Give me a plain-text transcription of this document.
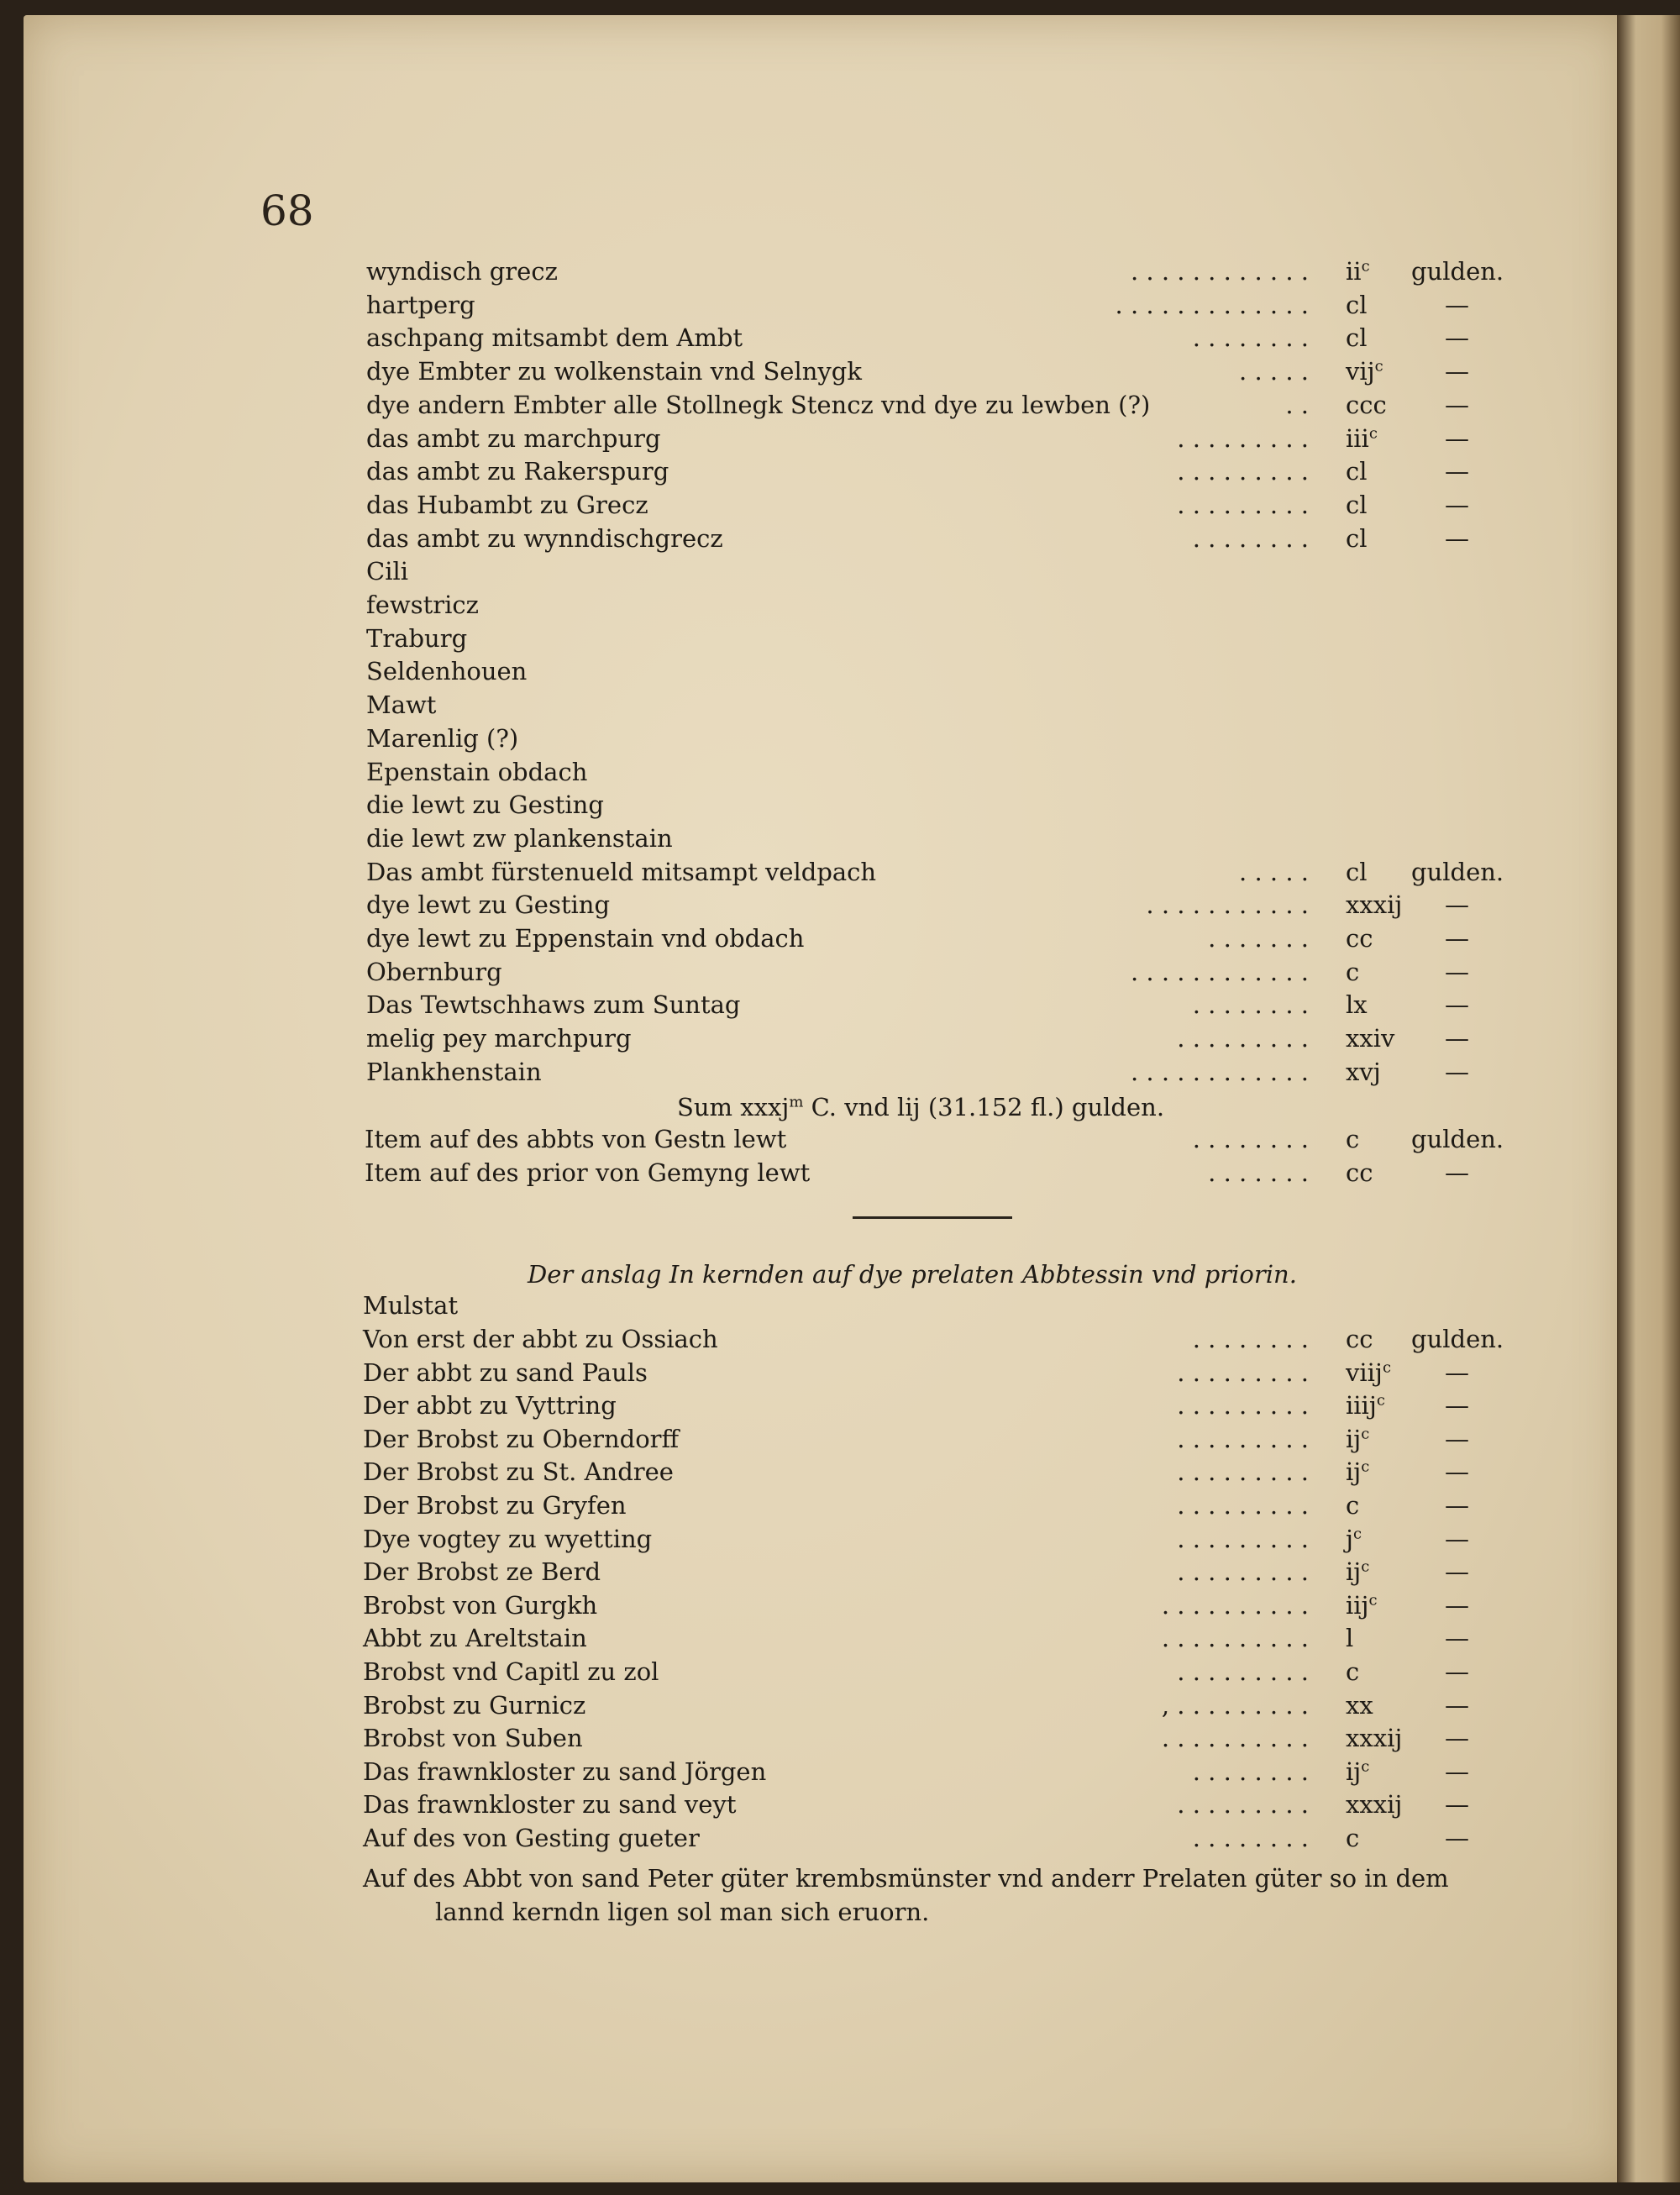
68
wyndisch grecz	. . . . . . . . . . . . $ii^c$ gulden.
hartperg	. . . . . . . . . . . . . cl	—
aschpang mitsambt dem Ambt	. . . . . . . . cl	—
dye Embter zu wolkenstain vnd Selnygk	. . . . . vij$^c$	—
dye andern Embter alle Stollnegk Stencz vnd dye zu lewben (?)	. . ccc —
das ambt zu marchpurg	. . . . . . . . . iii$^c$	—
das ambt zu Rakerspurg	. . . . . . . . . cl	—
das Hubambt zu Grecz	. . . . . . . . . cl	—
das ambt zu wynndischgrecz	. . . . . . . . cl	—
Cili
fewstricz
Traburg
Seldenhouen
Mawt
Marenlig (?)
Epenstain obdach
die lewt zu Gesting
die lewt zw plankenstain
Das ambt fürstenueld mitsampt veldpach	. . . . . cl gulden.
dye lewt zu Gesting	. . . . . . . . . . . xxxij —
dye lewt zu Eppenstain vnd obdach	. . . . . . . cc	—
Obernburg	. . . . . . . . . . . . c	—
Das Tewtschhaws zum Suntag	. . . . . . . . lx	—
melig pey marchpurg	. . . . . . . . . xxiv —
Plankhenstain	. . . . . . . . . . . . xvj	—
Sum xxxj$^m$ C. vnd lij (31.152 fl.) gulden.
Item auf des abbts von Gestn lewt	. . . . . . . . c gulden.
Item auf des prior von Gemyng lewt	. . . . . . . cc	—
Der anslag In kernden auf dye prelaten Abbtessin vnd priorin.
Mulstat
Von erst der abbt zu Ossiach	. . . . . . . . cc gulden.
Der abbt zu sand Pauls	. . . . . . . . . viij$^c$ —
Der abbt zu Vyttring	. . . . . . . . . iiij$^c$ —
Der Brobst zu Oberndorff	. . . . . . . . . $ij^c$	—
Der Brobst zu St. Andree	. . . . . . . . . $ij^c$	—
Der Brobst zu Gryfen	. . . . . . . . . c	—
Dye vogtey zu wyetting	. . . . . . . . . $j^c$	—
Der Brobst ze Berd	. . . . . . . . . $ij^c$	—
Brobst von Gurgkh	. . . . . . . . . . iij$^c$	—
Abbt zu Areltstain	. . . . . . . . . . l	—
Brobst vnd Capitl zu zol	. . . . . . . . . c	—
Brobst zu Gurnicz	, . . . . . . . . . xx	—
Brobst von Suben	. . . . . . . . . . xxxij —
Das frawnkloster zu sand Jörgen	. . . . . . . . $ij^c$	—
Das frawnkloster zu sand veyt	. . . . . . . . . xxxij —
Auf des von Gesting gueter	. . . . . . . . c	—
Auf des Abbt von sand Peter güter krembsmünster vnd anderr Prelaten güter so in dem
lannd kerndn ligen sol man sich eruorn.
